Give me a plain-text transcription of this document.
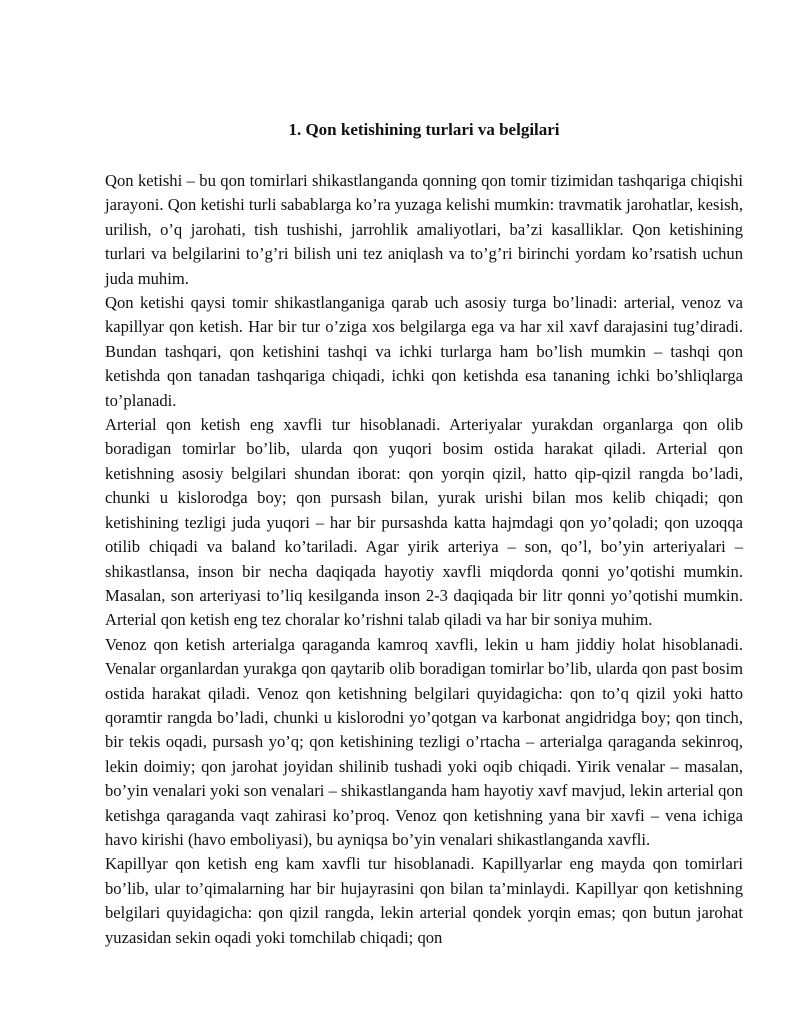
1. Qon ketishining turlari va belgilari

Qon ketishi – bu qon tomirlari shikastlanganda qonning qon tomir tizimidan tashqariga chiqishi jarayoni. Qon ketishi turli sabablarga ko’ra yuzaga kelishi mumkin: travmatik jarohatlar, kesish, urilish, o’q jarohati, tish tushishi, jarrohlik amaliyotlari, ba’zi kasalliklar. Qon ketishining turlari va belgilarini to’g’ri bilish uni tez aniqlash va to’g’ri birinchi yordam ko’rsatish uchun juda muhim.

Qon ketishi qaysi tomir shikastlanganiga qarab uch asosiy turga bo’linadi: arterial, venoz va kapillyar qon ketish. Har bir tur o’ziga xos belgilarga ega va har xil xavf darajasini tug’diradi. Bundan tashqari, qon ketishini tashqi va ichki turlarga ham bo’lish mumkin – tashqi qon ketishda qon tanadan tashqariga chiqadi, ichki qon ketishda esa tananing ichki bo’shliqlarga to’planadi.

Arterial qon ketish eng xavfli tur hisoblanadi. Arteriyalar yurakdan organlarga qon olib boradigan tomirlar bo’lib, ularda qon yuqori bosim ostida harakat qiladi. Arterial qon ketishning asosiy belgilari shundan iborat: qon yorqin qizil, hatto qip-qizil rangda bo’ladi, chunki u kislorodga boy; qon pursash bilan, yurak urishi bilan mos kelib chiqadi; qon ketishining tezligi juda yuqori – har bir pursashda katta hajmdagi qon yo’qoladi; qon uzoqqa otilib chiqadi va baland ko’tariladi. Agar yirik arteriya – son, qo’l, bo’yin arteriyalari – shikastlansa, inson bir necha daqiqada hayotiy xavfli miqdorda qonni yo’qotishi mumkin. Masalan, son arteriyasi to’liq kesilganda inson 2-3 daqiqada bir litr qonni yo’qotishi mumkin. Arterial qon ketish eng tez choralar ko’rishni talab qiladi va har bir soniya muhim.

Venoz qon ketish arterialga qaraganda kamroq xavfli, lekin u ham jiddiy holat hisoblanadi. Venalar organlardan yurakga qon qaytarib olib boradigan tomirlar bo’lib, ularda qon past bosim ostida harakat qiladi. Venoz qon ketishning belgilari quyidagicha: qon to’q qizil yoki hatto qoramtir rangda bo’ladi, chunki u kislorodni yo’qotgan va karbonat angidridga boy; qon tinch, bir tekis oqadi, pursash yo’q; qon ketishining tezligi o’rtacha – arterialga qaraganda sekinroq, lekin doimiy; qon jarohat joyidan shilinib tushadi yoki oqib chiqadi. Yirik venalar – masalan, bo’yin venalari yoki son venalari – shikastlanganda ham hayotiy xavf mavjud, lekin arterial qon ketishga qaraganda vaqt zahirasi ko’proq. Venoz qon ketishning yana bir xavfi – vena ichiga havo kirishi (havo emboliyasi), bu ayniqsa bo’yin venalari shikastlanganda xavfli.

Kapillyar qon ketish eng kam xavfli tur hisoblanadi. Kapillyarlar eng mayda qon tomirlari bo’lib, ular to’qimalarning har bir hujayrasini qon bilan ta’minlaydi. Kapillyar qon ketishning belgilari quyidagicha: qon qizil rangda, lekin arterial qondek yorqin emas; qon butun jarohat yuzasidan sekin oqadi yoki tomchilab chiqadi; qon
